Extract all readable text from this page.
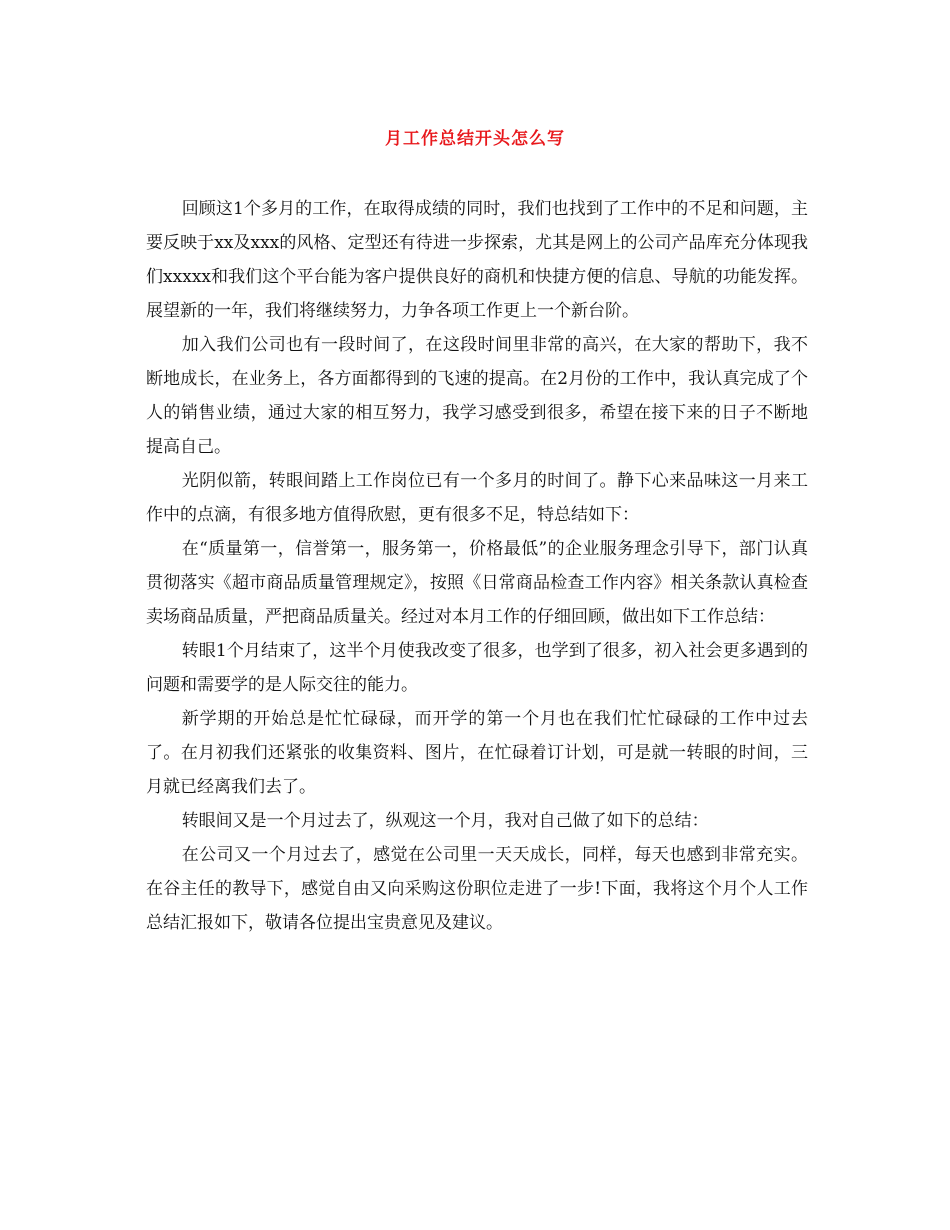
月工作总结开头怎么写

回顾这1个多月的工作，在取得成绩的同时，我们也找到了工作中的不足和问题，主要反映于xx及xxx的风格、定型还有待进一步探索，尤其是网上的公司产品库充分体现我们xxxxx和我们这个平台能为客户提供良好的商机和快捷方便的信息、导航的功能发挥。展望新的一年，我们将继续努力，力争各项工作更上一个新台阶。

加入我们公司也有一段时间了，在这段时间里非常的高兴，在大家的帮助下，我不断地成长，在业务上，各方面都得到的飞速的提高。在2月份的工作中，我认真完成了个人的销售业绩，通过大家的相互努力，我学习感受到很多，希望在接下来的日子不断地提高自己。

光阴似箭，转眼间踏上工作岗位已有一个多月的时间了。静下心来品味这一月来工作中的点滴，有很多地方值得欣慰，更有很多不足，特总结如下：

在“质量第一，信誉第一，服务第一，价格最低”的企业服务理念引导下，部门认真贯彻落实《超市商品质量管理规定》，按照《日常商品检查工作内容》相关条款认真检查卖场商品质量，严把商品质量关。经过对本月工作的仔细回顾，做出如下工作总结：

转眼1个月结束了，这半个月使我改变了很多，也学到了很多，初入社会更多遇到的问题和需要学的是人际交往的能力。

新学期的开始总是忙忙碌碌，而开学的第一个月也在我们忙忙碌碌的工作中过去了。在月初我们还紧张的收集资料、图片，在忙碌着订计划，可是就一转眼的时间，三月就已经离我们去了。

转眼间又是一个月过去了，纵观这一个月，我对自己做了如下的总结：

在公司又一个月过去了，感觉在公司里一天天成长，同样，每天也感到非常充实。在谷主任的教导下，感觉自由又向采购这份职位走进了一步!下面，我将这个月个人工作总结汇报如下，敬请各位提出宝贵意见及建议。
